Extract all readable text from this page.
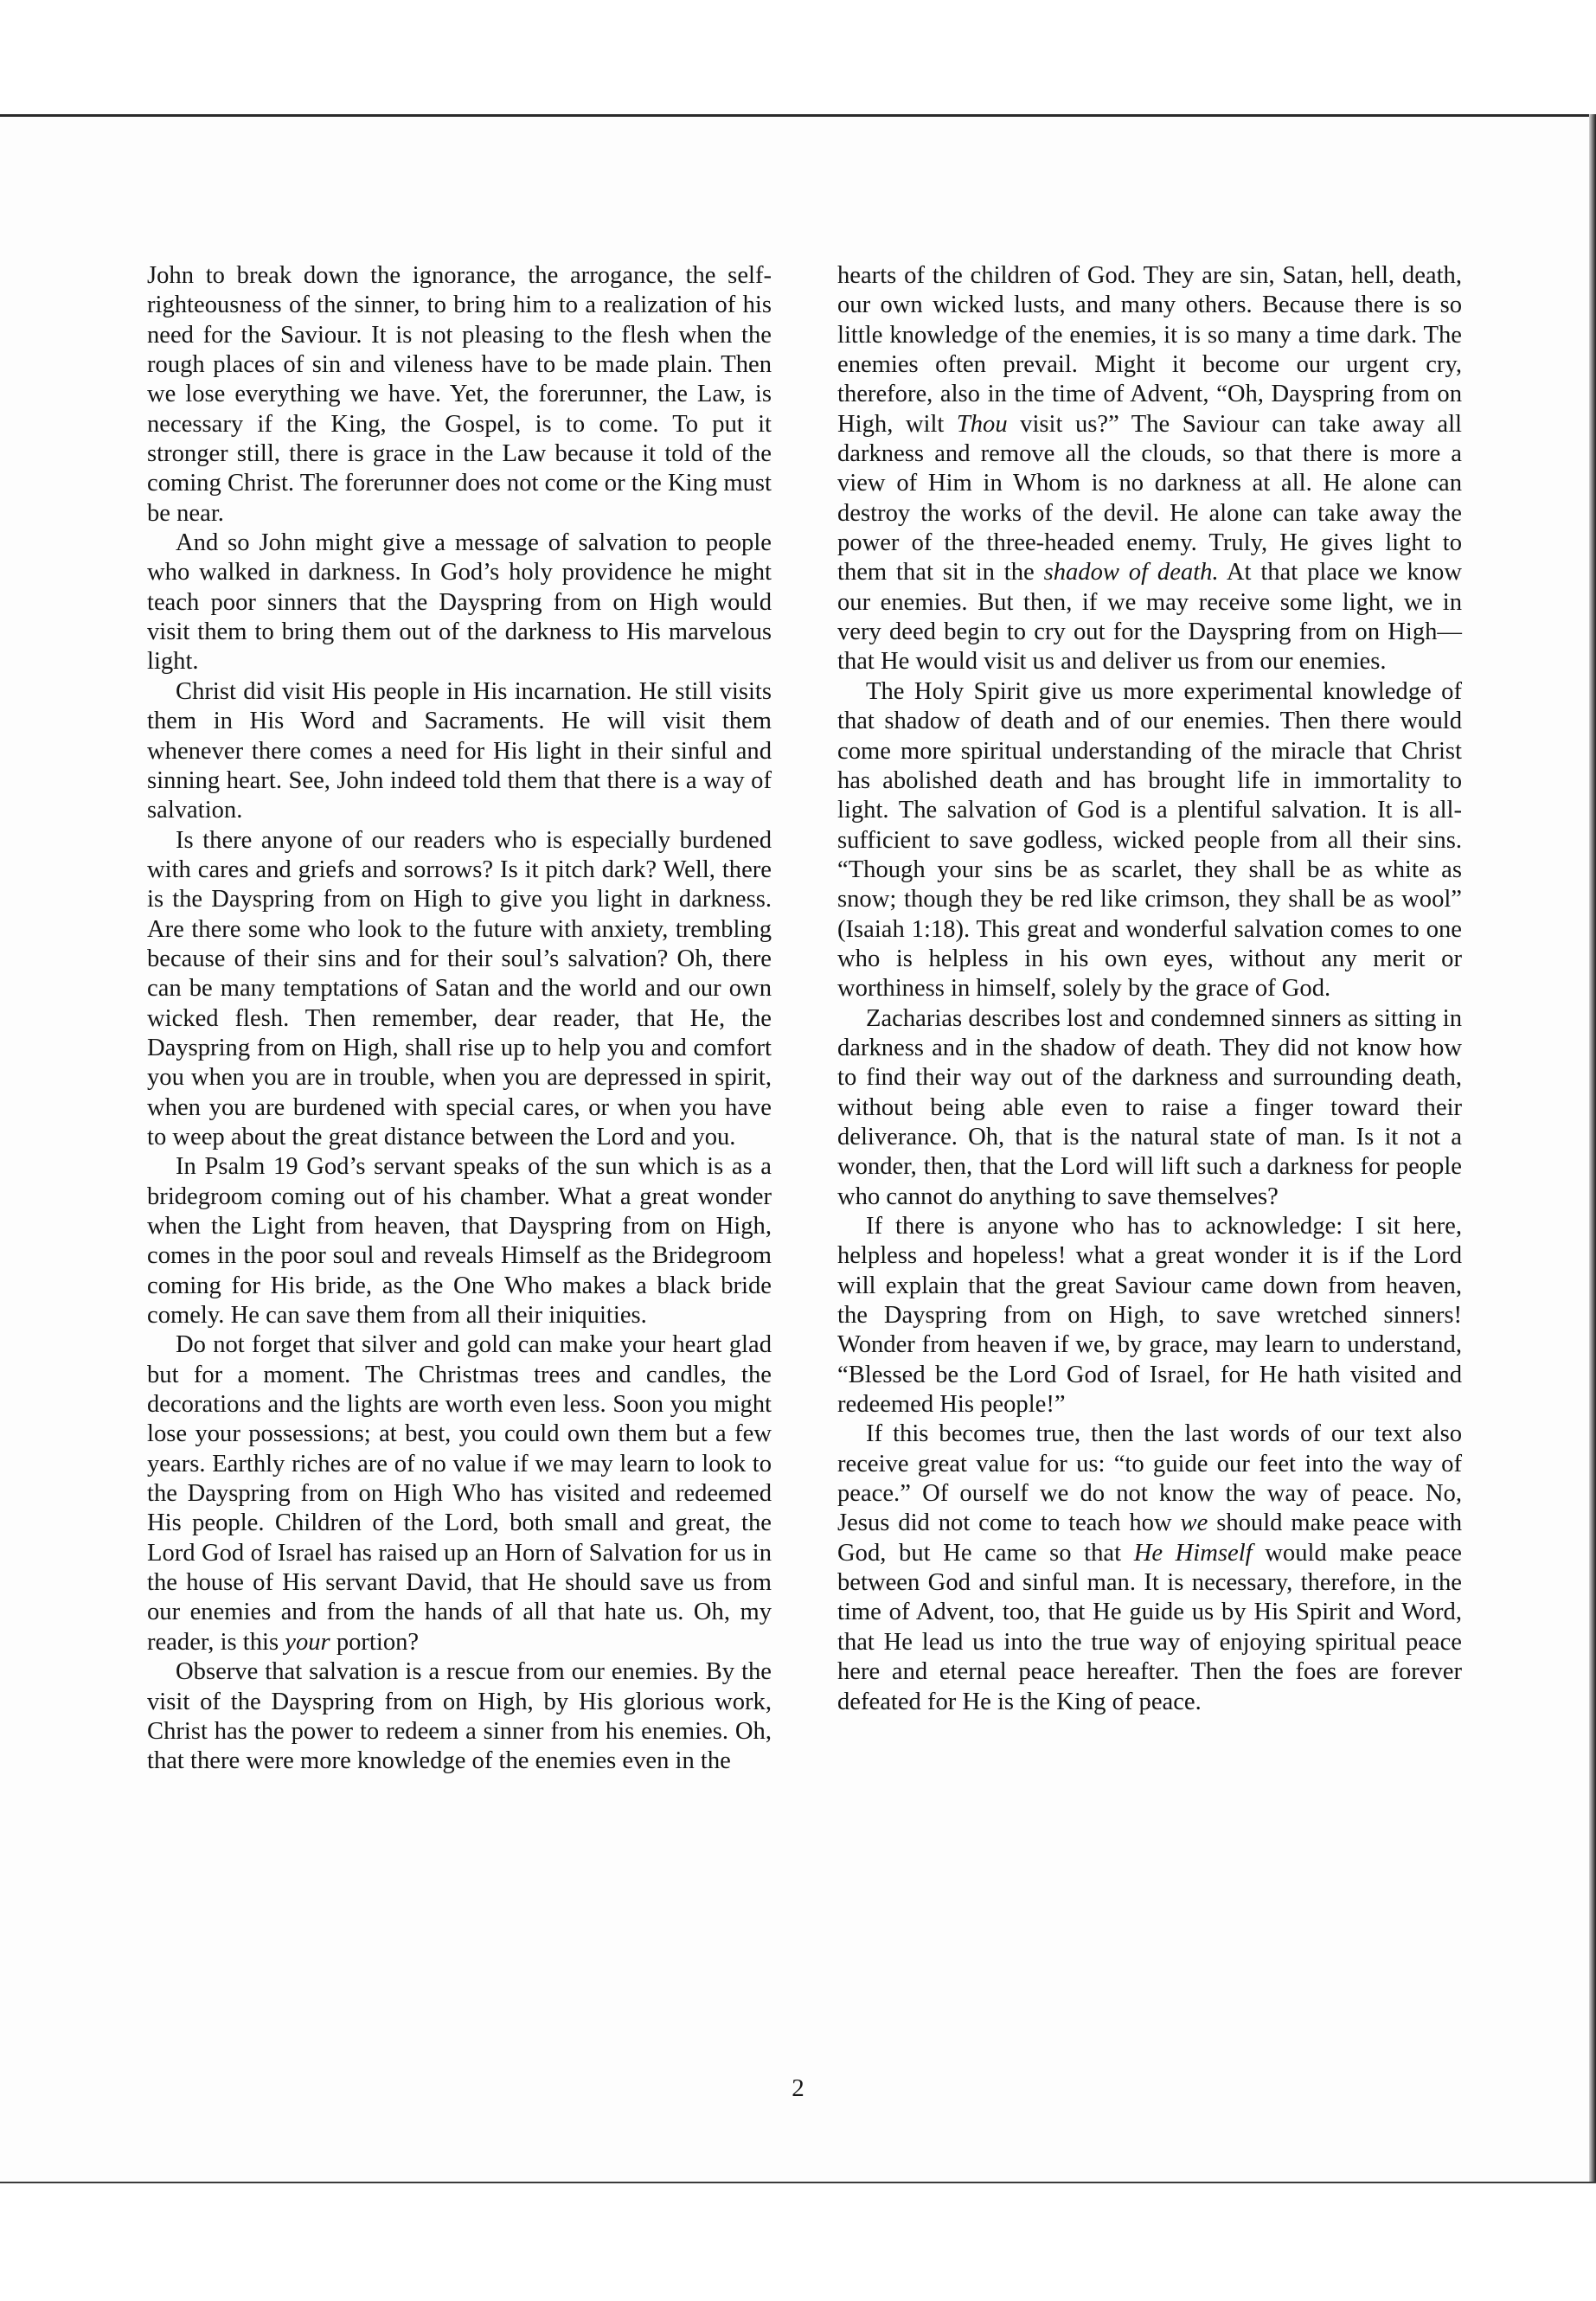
John to break down the ignorance, the arrogance, the self-righteousness of the sinner, to bring him to a realization of his need for the Saviour. It is not pleasing to the flesh when the rough places of sin and vileness have to be made plain. Then we lose everything we have. Yet, the forerunner, the Law, is necessary if the King, the Gospel, is to come. To put it stronger still, there is grace in the Law because it told of the coming Christ. The forerunner does not come or the King must be near.

And so John might give a message of salvation to people who walked in darkness. In God’s holy providence he might teach poor sinners that the Dayspring from on High would visit them to bring them out of the darkness to His marvelous light.

Christ did visit His people in His incarnation. He still visits them in His Word and Sacraments. He will visit them whenever there comes a need for His light in their sinful and sinning heart. See, John indeed told them that there is a way of salvation.

Is there anyone of our readers who is especially burdened with cares and griefs and sorrows? Is it pitch dark? Well, there is the Dayspring from on High to give you light in darkness. Are there some who look to the future with anxiety, trembling because of their sins and for their soul’s salvation? Oh, there can be many temptations of Satan and the world and our own wicked flesh. Then remember, dear reader, that He, the Dayspring from on High, shall rise up to help you and comfort you when you are in trouble, when you are depressed in spirit, when you are burdened with special cares, or when you have to weep about the great distance between the Lord and you.

In Psalm 19 God’s servant speaks of the sun which is as a bridegroom coming out of his chamber. What a great wonder when the Light from heaven, that Dayspring from on High, comes in the poor soul and reveals Himself as the Bridegroom coming for His bride, as the One Who makes a black bride comely. He can save them from all their iniquities.

Do not forget that silver and gold can make your heart glad but for a moment. The Christmas trees and candles, the decorations and the lights are worth even less. Soon you might lose your possessions; at best, you could own them but a few years. Earthly riches are of no value if we may learn to look to the Dayspring from on High Who has visited and redeemed His people. Children of the Lord, both small and great, the Lord God of Israel has raised up an Horn of Salvation for us in the house of His servant David, that He should save us from our enemies and from the hands of all that hate us. Oh, my reader, is this your portion?

Observe that salvation is a rescue from our enemies. By the visit of the Dayspring from on High, by His glorious work, Christ has the power to redeem a sinner from his enemies. Oh, that there were more knowledge of the enemies even in the

hearts of the children of God. They are sin, Satan, hell, death, our own wicked lusts, and many others. Because there is so little knowledge of the enemies, it is so many a time dark. The enemies often prevail. Might it become our urgent cry, therefore, also in the time of Advent, “Oh, Dayspring from on High, wilt Thou visit us?” The Saviour can take away all darkness and remove all the clouds, so that there is more a view of Him in Whom is no darkness at all. He alone can destroy the works of the devil. He alone can take away the power of the three-headed enemy. Truly, He gives light to them that sit in the shadow of death. At that place we know our enemies. But then, if we may receive some light, we in very deed begin to cry out for the Dayspring from on High—that He would visit us and deliver us from our enemies.

The Holy Spirit give us more experimental knowledge of that shadow of death and of our enemies. Then there would come more spiritual understanding of the miracle that Christ has abolished death and has brought life in immortality to light. The salvation of God is a plentiful salvation. It is all-sufficient to save godless, wicked people from all their sins. “Though your sins be as scarlet, they shall be as white as snow; though they be red like crimson, they shall be as wool” (Isaiah 1:18). This great and wonderful salvation comes to one who is helpless in his own eyes, without any merit or worthiness in himself, solely by the grace of God.

Zacharias describes lost and condemned sinners as sitting in darkness and in the shadow of death. They did not know how to find their way out of the darkness and surrounding death, without being able even to raise a finger toward their deliverance. Oh, that is the natural state of man. Is it not a wonder, then, that the Lord will lift such a darkness for people who cannot do anything to save themselves?

If there is anyone who has to acknowledge: I sit here, helpless and hopeless! what a great wonder it is if the Lord will explain that the great Saviour came down from heaven, the Dayspring from on High, to save wretched sinners! Wonder from heaven if we, by grace, may learn to understand, “Blessed be the Lord God of Israel, for He hath visited and redeemed His people!”

If this becomes true, then the last words of our text also receive great value for us: “to guide our feet into the way of peace.” Of ourself we do not know the way of peace. No, Jesus did not come to teach how we should make peace with God, but He came so that He Himself would make peace between God and sinful man. It is necessary, therefore, in the time of Advent, too, that He guide us by His Spirit and Word, that He lead us into the true way of enjoying spiritual peace here and eternal peace hereafter. Then the foes are forever defeated for He is the King of peace.

2
